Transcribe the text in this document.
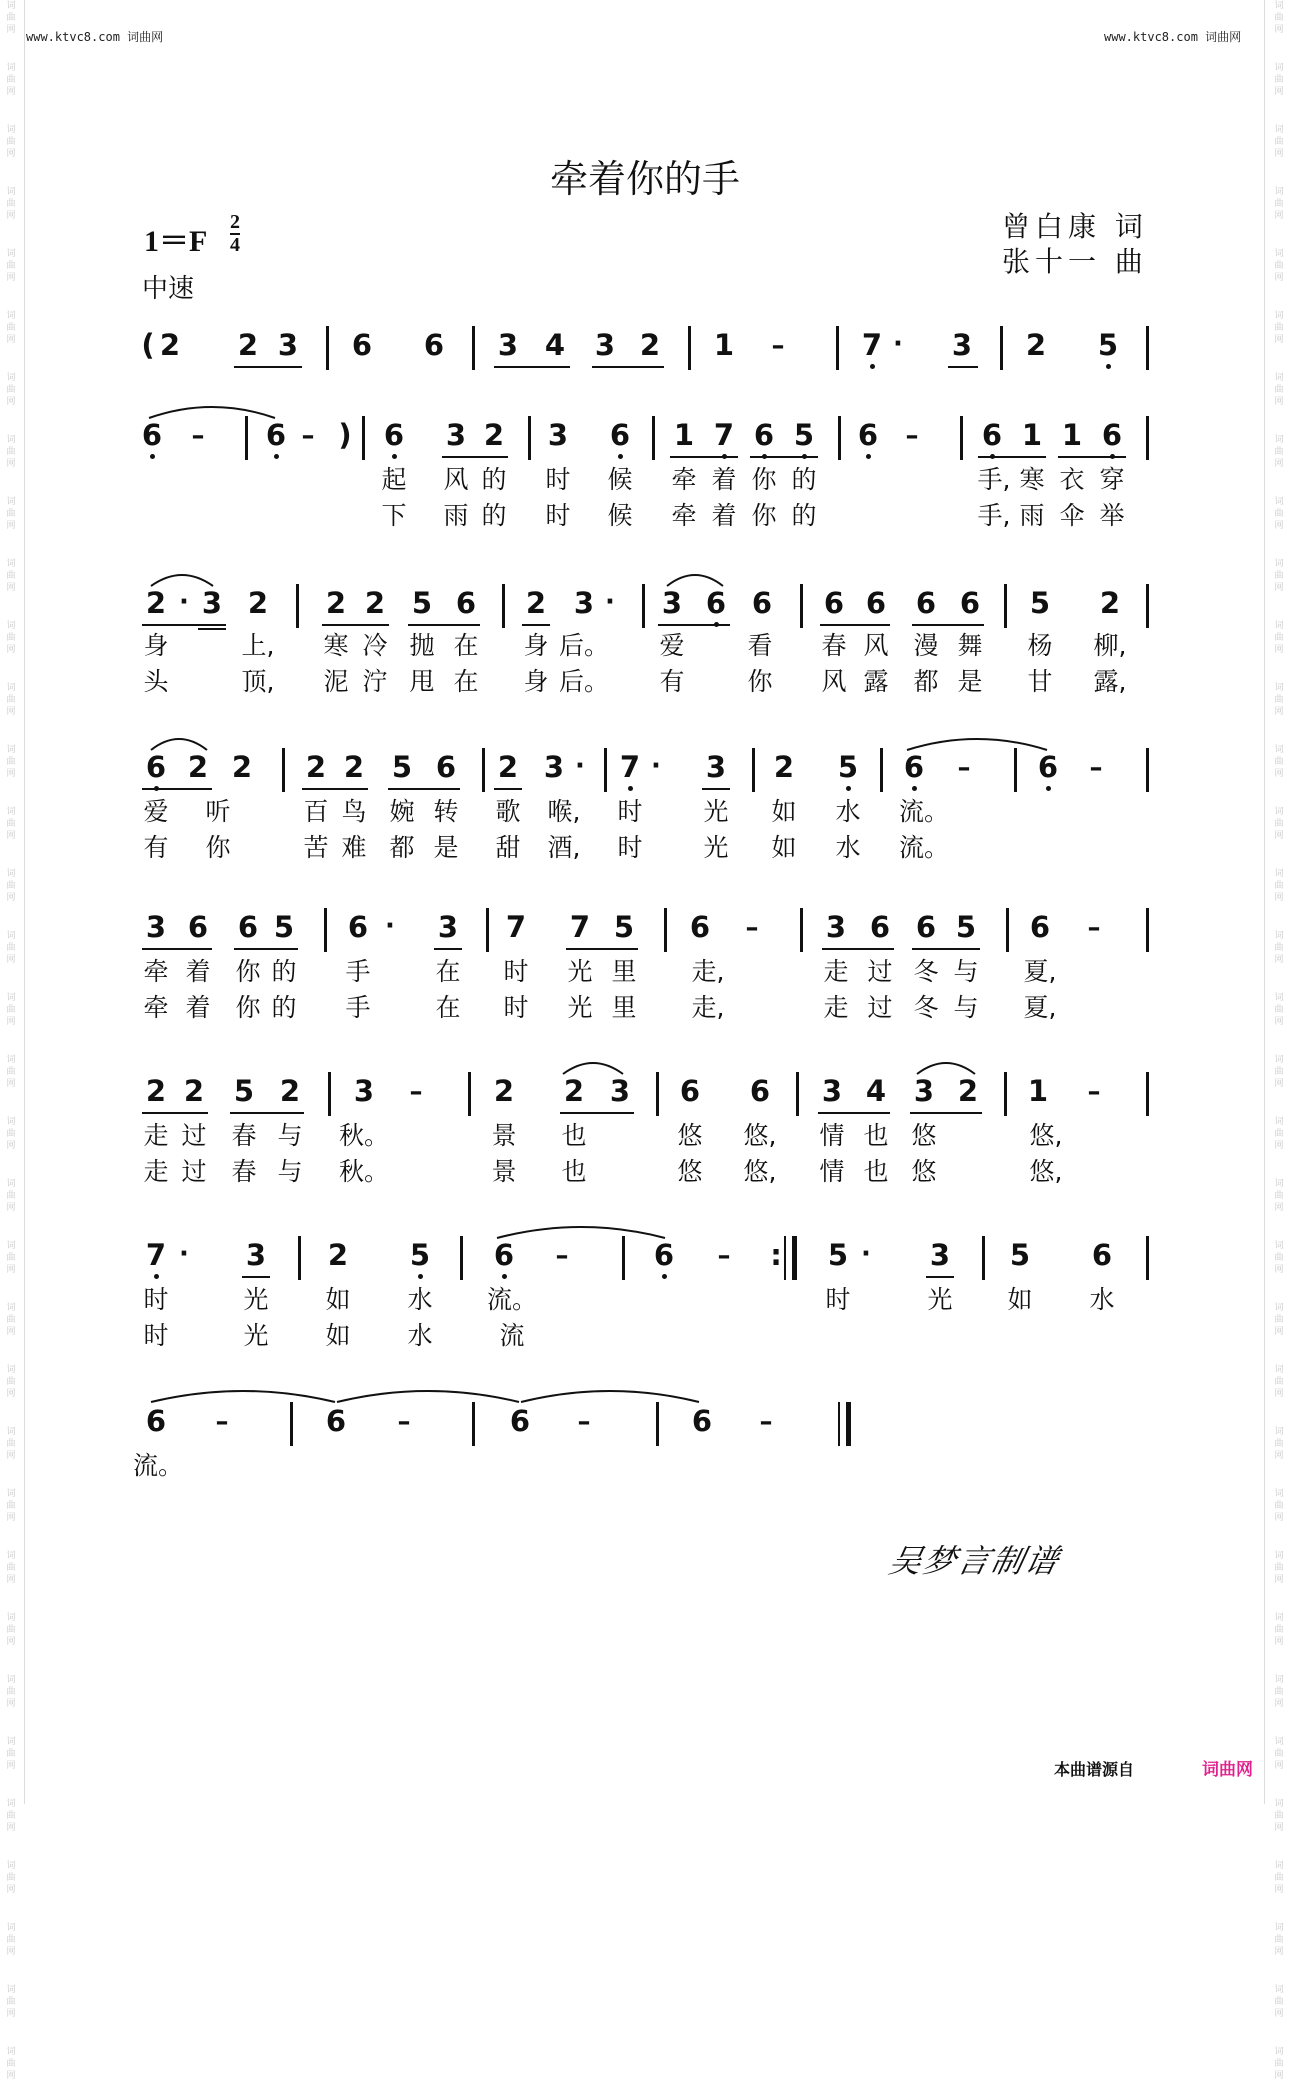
词曲网
词曲网
词曲网
词曲网
词曲网
词曲网
词曲网
词曲网
词曲网
词曲网
词曲网
词曲网
词曲网
词曲网
词曲网
词曲网
词曲网
词曲网
词曲网
词曲网
词曲网
词曲网
词曲网
词曲网
词曲网
词曲网
词曲网
词曲网
词曲网
词曲网
词曲网
词曲网
词曲网
词曲网
词曲网
词曲网
词曲网
词曲网
词曲网
词曲网
词曲网
词曲网
词曲网
词曲网
词曲网
词曲网
词曲网
词曲网
词曲网
词曲网
词曲网
词曲网
词曲网
词曲网
词曲网
词曲网
词曲网
词曲网
词曲网
词曲网
词曲网
词曲网
词曲网
词曲网
词曲网
词曲网
词曲网
词曲网
www.ktvc8.com 词曲网	www.ktvc8.com 词曲网
牵着你的手
1＝F
2
4
中速
曾白康 词
张十一 曲
( 2 2 3 6 6 3 4 3 2 1 –	7 · 3 2 5
6 – 6 – ) 6 3 2 3 6 1 7 6 5 6 – 6 1 1 6
起 风 的 时 候 牵 着 你 的	手, 寒 衣 穿
下 雨 的 时 候 牵 着 你 的	手, 雨 伞 举
2 · 3 2 2 2 5 6 2 3 · 3 6 6 6 6 6 6 5 2
身	上, 寒 冷 抛 在 身 后。 爱	看 春 风 漫 舞 杨 柳,
头	顶, 泥 泞 甩 在 身 后。 有	你 风 露 都 是 甘 露,
6 2 2 2 2 5 6 2 3 · 7 · 3 2 5 6 – 6 –
爱 听	百 鸟 婉 转 歌 喉, 时 光 如 水 流。
有 你	苦 难 都 是 甜 酒, 时 光 如 水 流。
3 6 6 5 6 · 3 7 7 5 6 – 3 6 6 5 6 –
牵 着 你 的 手	在 时 光 里 走,	走 过 冬 与 夏,
牵 着 你 的 手	在 时 光 里 走,	走 过 冬 与 夏,
2 2 5 2 3 – 2 2 3 6 6 3 4 3 2 1 –
走 过 春 与 秋。	景 也	悠 悠, 情 也 悠	悠,
走 过 春 与 秋。	景 也	悠 悠, 情 也 悠	悠,
7 · 3 2 5 6 –	6 – : 5 · 3 5 6
时	光 如 水 流。	时	光 如 水
时	光 如 水	流
6 –	6 –	6 –	6 –
流。
吴梦言制谱
本曲谱源自	词曲网
